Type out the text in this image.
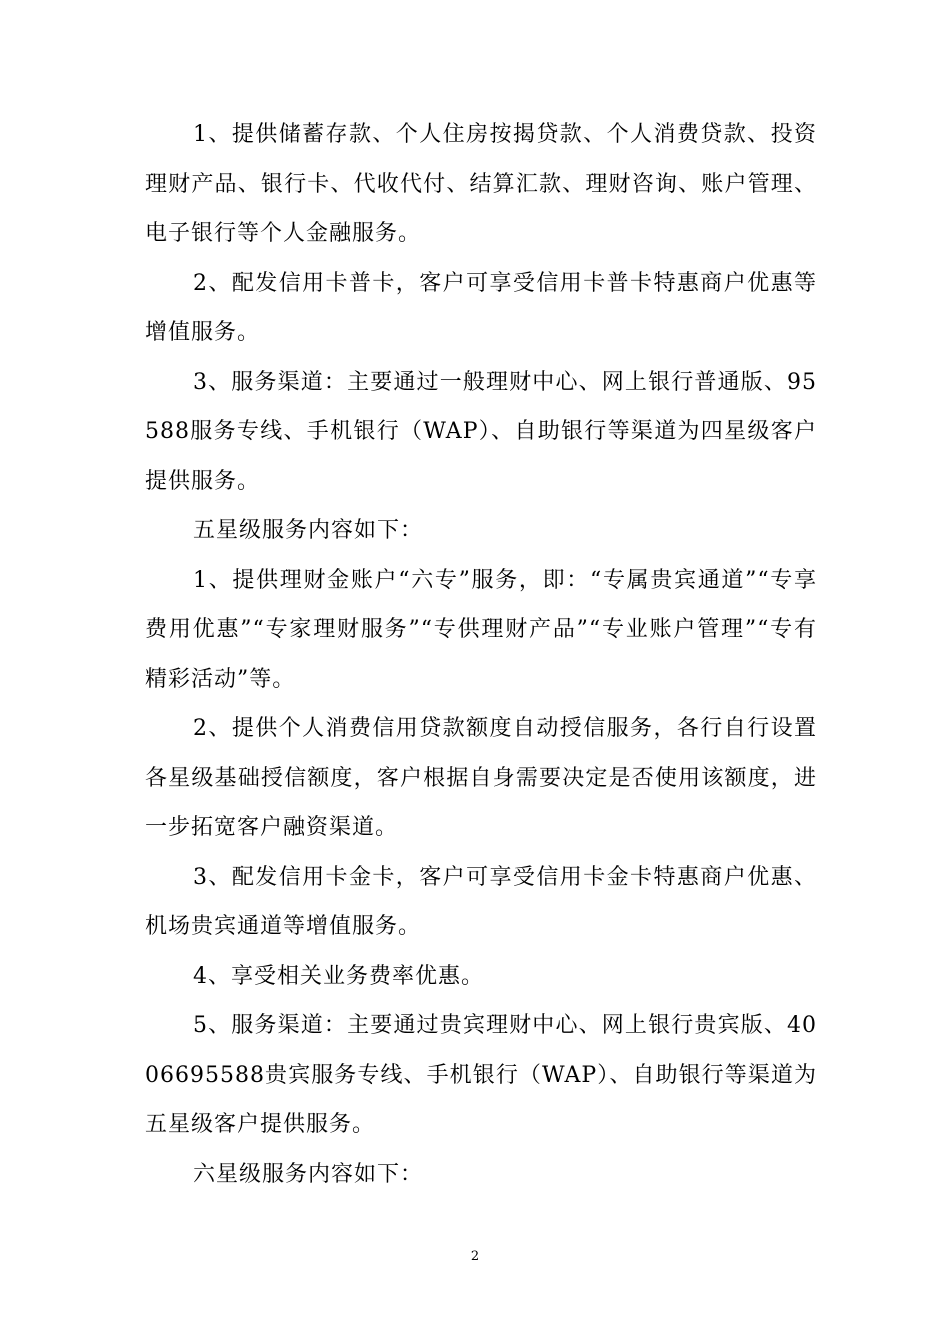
1、提供储蓄存款、个人住房按揭贷款、个人消费贷款、投资理财产品、银行卡、代收代付、结算汇款、理财咨询、账户管理、电子银行等个人金融服务。

2、配发信用卡普卡，客户可享受信用卡普卡特惠商户优惠等增值服务。

3、服务渠道：主要通过一般理财中心、网上银行普通版、95588服务专线、手机银行（WAP）、自助银行等渠道为四星级客户提供服务。

五星级服务内容如下：

1、提供理财金账户“六专”服务，即：“专属贵宾通道”“专享费用优惠”“专家理财服务”“专供理财产品”“专业账户管理”“专有精彩活动”等。

2、提供个人消费信用贷款额度自动授信服务，各行自行设置各星级基础授信额度，客户根据自身需要决定是否使用该额度，进一步拓宽客户融资渠道。

3、配发信用卡金卡，客户可享受信用卡金卡特惠商户优惠、机场贵宾通道等增值服务。

4、享受相关业务费率优惠。

5、服务渠道：主要通过贵宾理财中心、网上银行贵宾版、4006695588贵宾服务专线、手机银行（WAP）、自助银行等渠道为五星级客户提供服务。

六星级服务内容如下：

2
